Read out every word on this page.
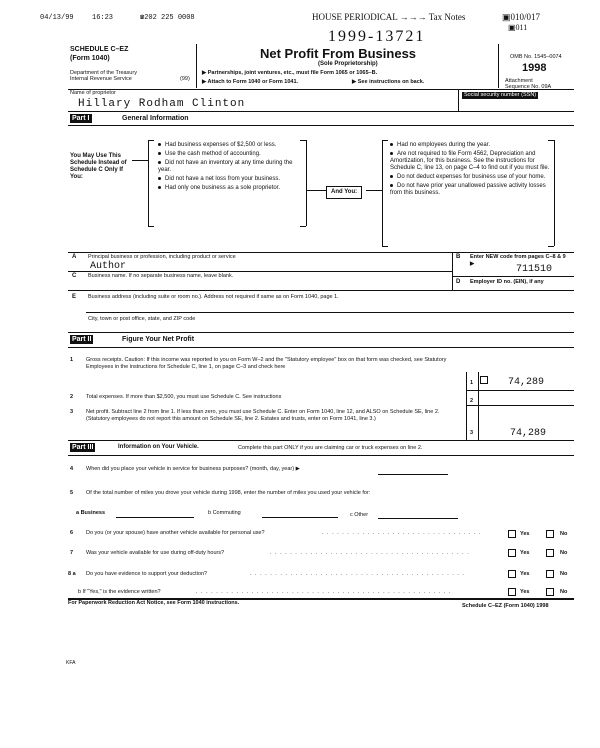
04/13/99	16:23	☎202 225 0008	HOUSE PERIODICAL →→→ Tax Notes	▣010/017
▣011
1999-13721
SCHEDULE C–EZ
(Form 1040)
Department of the Treasury
Internal Revenue Service	(99)
Net Profit From Business
(Sole Proprietorship)
▶ Partnerships, joint ventures, etc., must file Form 1065 or 1065–B.
▶ Attach to Form 1040 or Form 1041.	▶ See instructions on back.
OMB No. 1545–0074
1998
Attachment
Sequence No. 09A
Name of proprietor	Social security number (SSN)
Hillary Rodham Clinton
Part I	General Information
You May Use This Schedule Instead of Schedule C Only If You:
Had business expenses of $2,500 or less.
Use the cash method of accounting.
Did not have an inventory at any time during the year.
Did not have a net loss from your business.
Had only one business as a sole proprietor.
And You:
Had no employees during the year.
Are not required to file Form 4562, Depreciation and Amortization, for this business. See the instructions for Schedule C, line 13, on page C–4 to find out if you must file.
Do not deduct expenses for business use of your home.
Do not have prior year unallowed passive activity losses from this business.
A Principal business or profession, including product or service
Author
B Enter NEW code from pages C–8 & 9 ▶
711510
C Business name. If no separate business name, leave blank.
D Employer ID no. (EIN), if any
E Business address (including suite or room no.). Address not required if same as on Form 1040, page 1.
City, town or post office, state, and ZIP code
Part II	Figure Your Net Profit
1 Gross receipts. Caution: If this income was reported to you on Form W–2 and the "Statutory employee" box on that form was checked, see Statutory Employees in the instructions for Schedule C, line 1, on page C–3 and check here
1	74,289
2 Total expenses. If more than $2,500, you must use Schedule C. See instructions
2
3 Net profit. Subtract line 2 from line 1. If less than zero, you must use Schedule C. Enter on Form 1040, line 12, and ALSO on Schedule SE, line 2. (Statutory employees do not report this amount on Schedule SE, line 2. Estates and trusts, enter on Form 1041, line 3.)
3	74,289
Part III	Information on Your Vehicle.	Complete this part ONLY if you are claiming car or truck expenses on line 2.
4 When did you place your vehicle in service for business purposes? (month, day, year) ▶
5 Of the total number of miles you drove your vehicle during 1998, enter the number of miles you used your vehicle for:
a Business	b Commuting	c Other
6 Do you (or your spouse) have another vehicle available for personal use?	. . . . . . . . . . . . . . . . . . . . . . . . . . . . . . . .	Yes	No
7 Was your vehicle available for use during off-duty hours?	. . . . . . . . . . . . . . . . . . . . . . . . . . . . . . . . . . . . . . . .	Yes	No
8 a Do you have evidence to support your deduction?	. . . . . . . . . . . . . . . . . . . . . . . . . . . . . . . . . . . . . . . . . . .	Yes	No
b If "Yes," is the evidence written?	. . . . . . . . . . . . . . . . . . . . . . . . . . . . . . . . . . . . . . . . . . . . . . . . . . .	Yes	No
For Paperwork Reduction Act Notice, see Form 1040 instructions.	Schedule C–EZ (Form 1040) 1998
KFA
